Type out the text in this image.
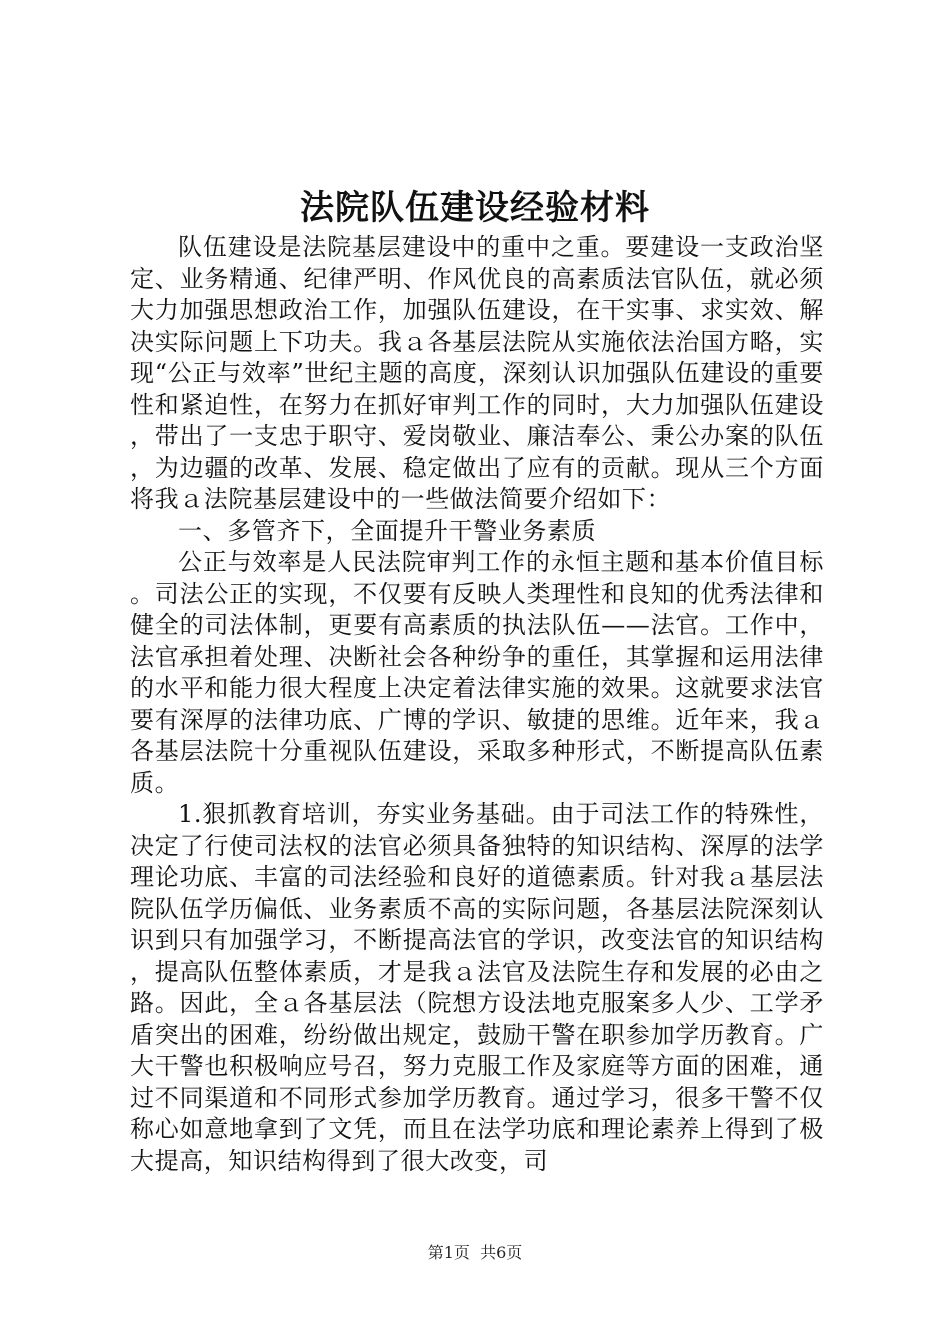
法院队伍建设经验材料

队伍建设是法院基层建设中的重中之重。要建设一支政治坚定、业务精通、纪律严明、作风优良的高素质法官队伍，就必须大力加强思想政治工作，加强队伍建设，在干实事、求实效、解决实际问题上下功夫。我ａ各基层法院从实施依法治国方略，实现“公正与效率”世纪主题的高度，深刻认识加强队伍建设的重要性和紧迫性，在努力在抓好审判工作的同时，大力加强队伍建设，带出了一支忠于职守、爱岗敬业、廉洁奉公、秉公办案的队伍，为边疆的改革、发展、稳定做出了应有的贡献。现从三个方面将我ａ法院基层建设中的一些做法简要介绍如下：

一、多管齐下，全面提升干警业务素质

公正与效率是人民法院审判工作的永恒主题和基本价值目标。司法公正的实现，不仅要有反映人类理性和良知的优秀法律和健全的司法体制，更要有高素质的执法队伍——法官。工作中，法官承担着处理、决断社会各种纷争的重任，其掌握和运用法律的水平和能力很大程度上决定着法律实施的效果。这就要求法官要有深厚的法律功底、广博的学识、敏捷的思维。近年来，我ａ各基层法院十分重视队伍建设，采取多种形式，不断提高队伍素质。

1.狠抓教育培训，夯实业务基础。由于司法工作的特殊性，决定了行使司法权的法官必须具备独特的知识结构、深厚的法学理论功底、丰富的司法经验和良好的道德素质。针对我ａ基层法院队伍学历偏低、业务素质不高的实际问题，各基层法院深刻认识到只有加强学习，不断提高法官的学识，改变法官的知识结构，提高队伍整体素质，才是我ａ法官及法院生存和发展的必由之路。因此，全ａ各基层法（院想方设法地克服案多人少、工学矛盾突出的困难，纷纷做出规定，鼓励干警在职参加学历教育。广大干警也积极响应号召，努力克服工作及家庭等方面的困难，通过不同渠道和不同形式参加学历教育。通过学习，很多干警不仅称心如意地拿到了文凭，而且在法学功底和理论素养上得到了极大提高，知识结构得到了很大改变，司

第1页 共6页
